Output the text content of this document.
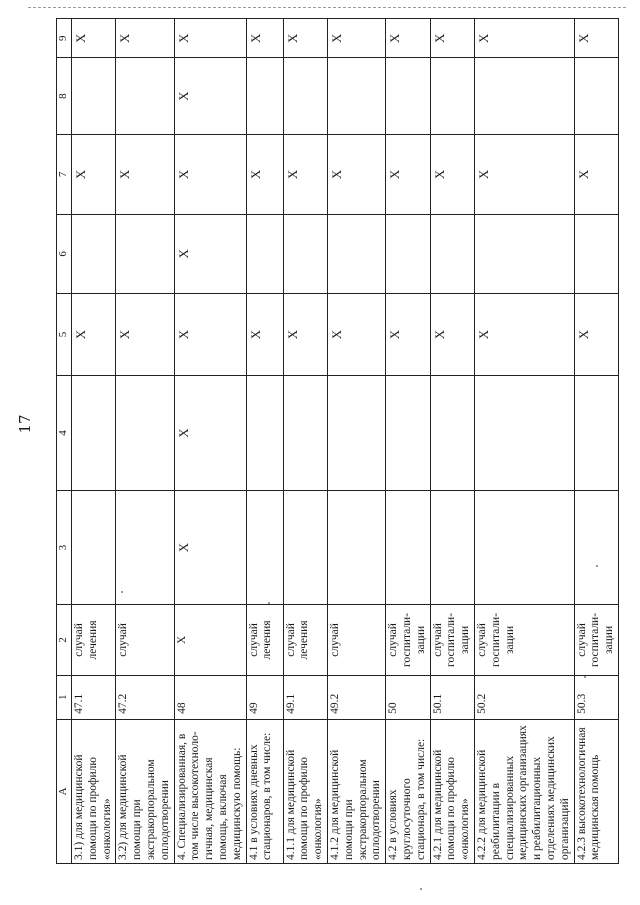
17
А	1	2	3	4	5	6	7	8	9
3.1) для медицинской помощи по профилю «онкология»	47.1	случай лечения			X		X		X
3.2) для медицинской помощи при экстракорпоральном оплодотворении	47.2	случай			X		X		X
4. Специализированная, в том числе высокотехноло-гичная, медицинская помощь, включая медицинскую помощь:	48	X	X	X	X	X	X	X	X
4.1 в условиях дневных стационаров, в том числе:	49	случай лечения			X		X		X
4.1.1 для медицинской помощи по профилю «онкология»	49.1	случай лечения			X		X		X
4.1.2 для медицинской помощи при экстракорпоральном оплодотворении	49.2	случай			X		X		X
4.2 в условиях круглосуточного стационара, в том числе:	50	случай госпитали-зации			X		X		X
4.2.1 для медицинской помощи по профилю «онкология»	50.1	случай госпитали-зации			X		X		X
4.2.2 для медицинской реабилитации в специализированных медицинских организациях и реабилитационных отделениях медицинских организаций	50.2	случай госпитали-зации			X		X		X
4.2.3 высокотехнологичная медицинская помощь	50.3	случай госпитали-зации			X		X		X
